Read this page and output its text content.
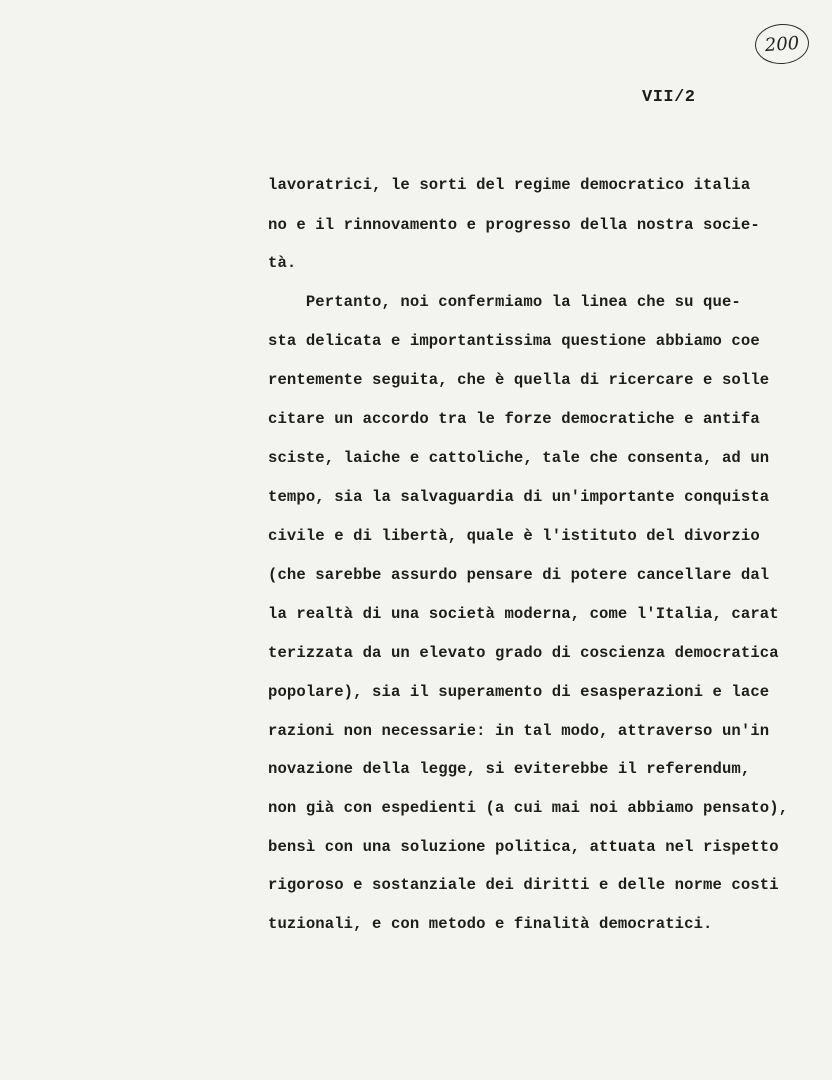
200
VII/2
lavoratrici, le sorti del regime democratico italia
no e il rinnovamento e progresso della nostra socie-
tà.
Pertanto, noi confermiamo la linea che su que-
sta delicata e importantissima questione abbiamo coe
rentemente seguita, che è quella di ricercare e solle
citare un accordo tra le forze democratiche e antifa
sciste, laiche e cattoliche, tale che consenta, ad un
tempo, sia la salvaguardia di un'importante conquista
civile e di libertà, quale è l'istituto del divorzio
(che sarebbe assurdo pensare di potere cancellare dal
la realtà di una società moderna, come l'Italia, carat
terizzata da un elevato grado di coscienza democratica
popolare), sia il superamento di esasperazioni e lace
razioni non necessarie: in tal modo, attraverso un'in
novazione della legge, si eviterebbe il referendum,
non già con espedienti (a cui mai noi abbiamo pensato),
bensì con una soluzione politica, attuata nel rispetto
rigoroso e sostanziale dei diritti e delle norme costi
tuzionali, e con metodo e finalità democratici.
